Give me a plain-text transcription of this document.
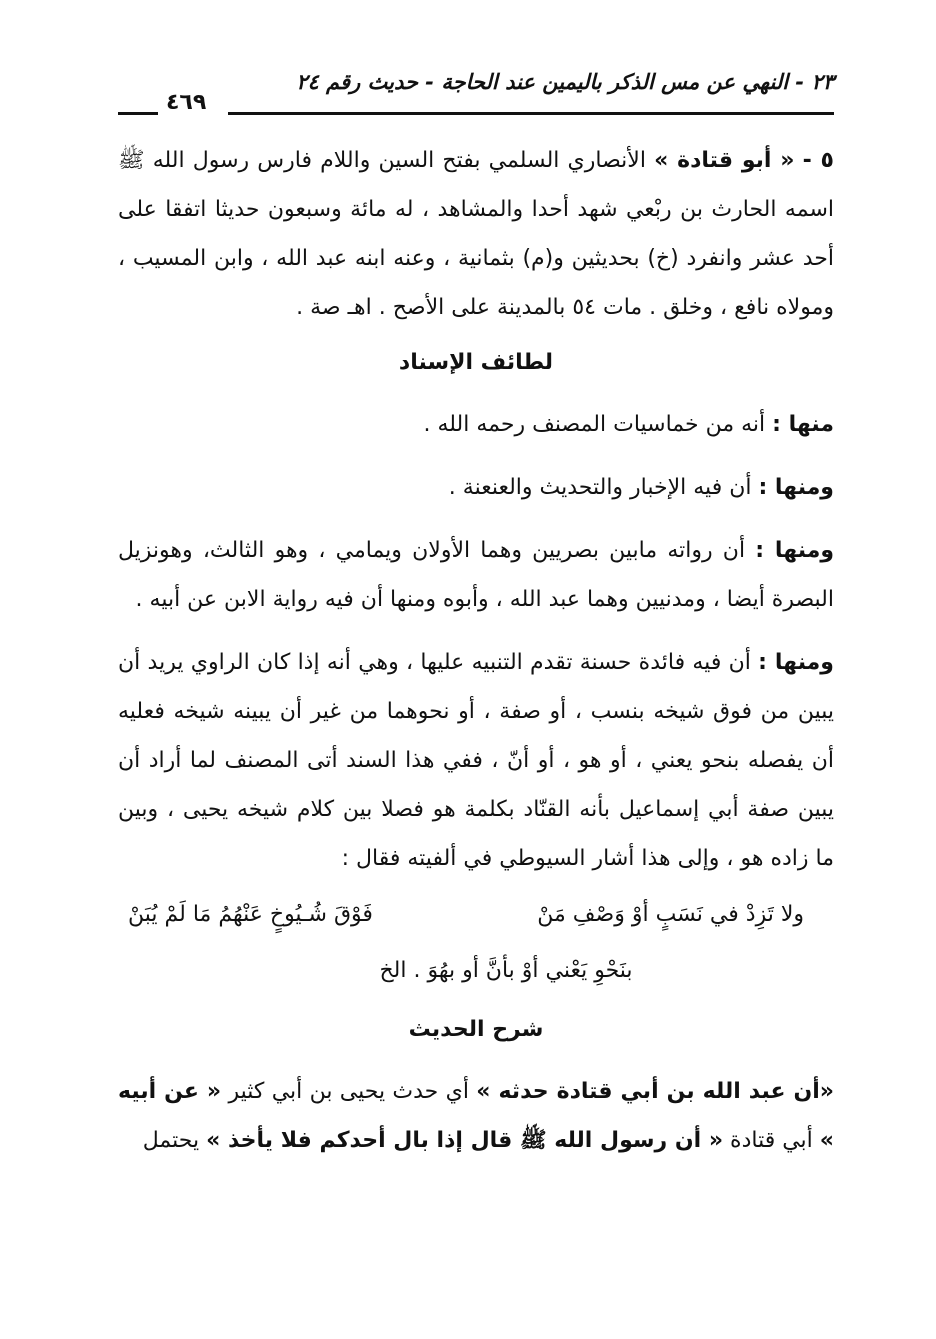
٢٣ - النهي عن مس الذكر باليمين عند الحاجة - حديث رقم ٢٤
٤٦٩

٥ - « أبو قتادة » الأنصاري السلمي بفتح السين واللام فارس رسول الله ﷺ اسمه الحارث بن ربْعي شهد أحدا والمشاهد ، له مائة وسبعون حديثا اتفقا على أحد عشر وانفرد (خ) بحديثين و(م) بثمانية ، وعنه ابنه عبد الله ، وابن المسيب ، ومولاه نافع ، وخلق . مات ٥٤ بالمدينة على الأصح . اهـ صة .

لطائف الإسناد

منها : أنه من خماسيات المصنف رحمه الله .

ومنها : أن فيه الإخبار والتحديث والعنعنة .

ومنها : أن رواته مابين بصريين وهما الأولان ويمامي ، وهو الثالث، وهونزيل البصرة أيضا ، ومدنيين وهما عبد الله ، وأبوه ومنها أن فيه رواية الابن عن أبيه .

ومنها : أن فيه فائدة حسنة تقدم التنبيه عليها ، وهي أنه إذا كان الراوي يريد أن يبين من فوق شيخه بنسب ، أو صفة ، أو نحوهما من غير أن يبينه شيخه فعليه أن يفصله بنحو يعني ، أو هو ، أو أنّ ، ففي هذا السند أتى المصنف لما أراد أن يبين صفة أبي إسماعيل بأنه القنّاد بكلمة هو فصلا بين كلام شيخه يحيى ، وبين ما زاده هو ، وإلى هذا أشار السيوطي في ألفيته فقال :

ولا تَزِدْ في نَسَبٍ أوْ وَصْفِ مَنْ
فَوْقَ شُـيُوخٍ عَنْهُمُ مَا لَمْ يُبَنْ
بنَحْوِ يَعْني أوْ بأنَّ أو بهُوَ . الخ
شرح الحديث

«أن عبد الله بن أبي قتادة حدثه » أي حدث يحيى بن أبي كثير « عن أبيه » أبي قتادة « أن رسول الله ﷺ قال إذا بال أحدكم فلا يأخذ » يحتمل
